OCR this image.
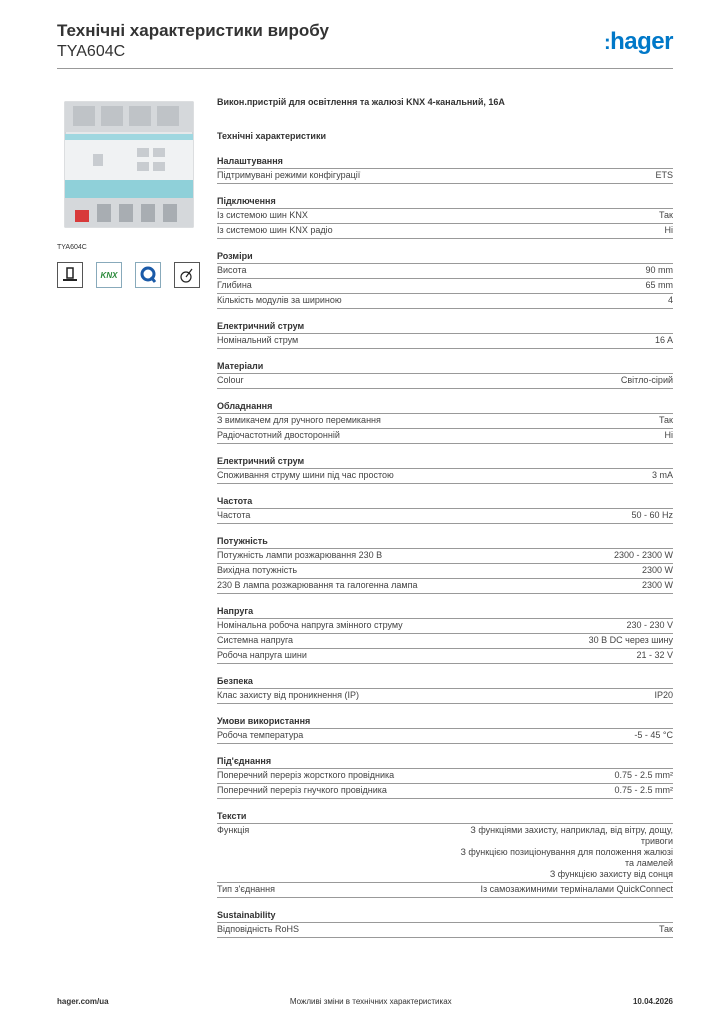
Технічні характеристики виробу
TYA604C	:hager
TYA604C
KNX
Викон.пристрій для освітлення та жалюзі KNX 4-канальний, 16A
Технічні характеристики
Налаштування
Підтримувані режими конфігурації	ETS
Підключення
Із системою шин KNX	Так
Із системою шин KNX радіо	Ні
Розміри
Висота	90 mm
Глибина	65 mm
Кількість модулів за шириною	4
Електричний струм
Номінальний струм	16 A
Матеріали
Colour	Світло-сірий
Обладнання
З вимикачем для ручного перемикання	Так
Радіочастотний двосторонній	Ні
Електричний струм
Споживання струму шини під час простою	3 mA
Частота
Частота	50 - 60 Hz
Потужність
Потужність лампи розжарювання 230 В	2300 - 2300 W
Вихідна потужність	2300 W
230 В лампа розжарювання та галогенна лампа	2300 W
Напруга
Номінальна робоча напруга змінного струму	230 - 230 V
Системна напруга	30 В DC через шину
Робоча напруга шини	21 - 32 V
Безпека
Клас захисту від проникнення (IP)	IP20
Умови використання
Робоча температура	-5 - 45 °C
Під'єднання
Поперечний переріз жорсткого провідника	0.75 - 2.5 mm²
Поперечний переріз гнучкого провідника	0.75 - 2.5 mm²
Тексти
Функція	З функціями захисту, наприклад, від вітру, дощу,
тривоги
З функцією позиціонування для положення жалюзі
та ламелей
З функцією захисту від сонця
Тип з'єднання	Із самозажимними терміналами QuickConnect
Sustainability
Відповідність RoHS	Так
hager.com/ua	Можливі зміни в технічних характеристиках	10.04.2026
